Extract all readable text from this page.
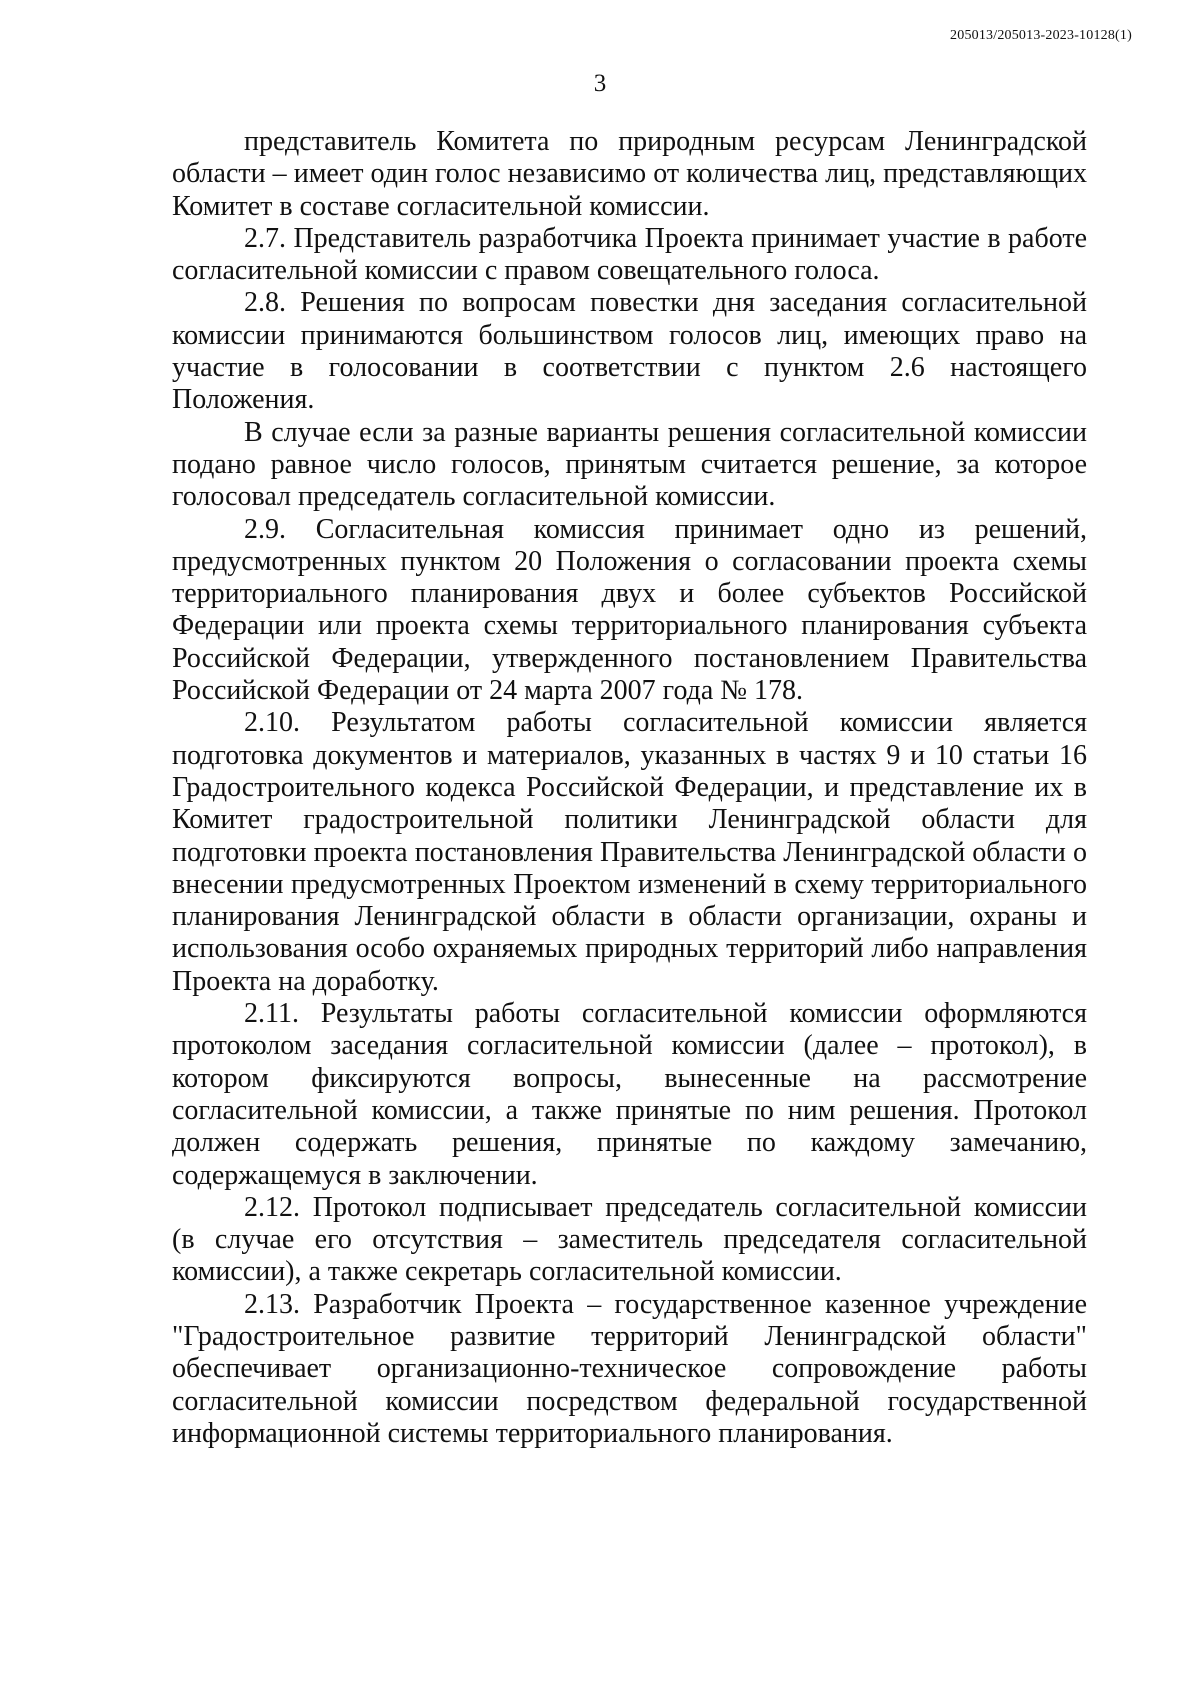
205013/205013-2023-10128(1)
3

представитель Комитета по природным ресурсам Ленинградской области – имеет один голос независимо от количества лиц, представляющих Комитет в составе согласительной комиссии.

2.7. Представитель разработчика Проекта принимает участие в работе согласительной комиссии с правом совещательного голоса.

2.8. Решения по вопросам повестки дня заседания согласительной комиссии принимаются большинством голосов лиц, имеющих право на участие в голосовании в соответствии с пунктом 2.6 настоящего Положения.

В случае если за разные варианты решения согласительной комиссии подано равное число голосов, принятым считается решение, за которое голосовал председатель согласительной комиссии.

2.9. Согласительная комиссия принимает одно из решений, предусмотренных пунктом 20 Положения о согласовании проекта схемы территориального планирования двух и более субъектов Российской Федерации или проекта схемы территориального планирования субъекта Российской Федерации, утвержденного постановлением Правительства Российской Федерации от 24 марта 2007 года № 178.

2.10. Результатом работы согласительной комиссии является подготовка документов и материалов, указанных в частях 9 и 10 статьи 16 Градостроительного кодекса Российской Федерации, и представление их в Комитет градостроительной политики Ленинградской области для подготовки проекта постановления Правительства Ленинградской области о внесении предусмотренных Проектом изменений в схему территориального планирования Ленинградской области в области организации, охраны и использования особо охраняемых природных территорий либо направления Проекта на доработку.

2.11. Результаты работы согласительной комиссии оформляются протоколом заседания согласительной комиссии (далее – протокол), в котором фиксируются вопросы, вынесенные на рассмотрение согласительной комиссии, а также принятые по ним решения. Протокол должен содержать решения, принятые по каждому замечанию, содержащемуся в заключении.

2.12. Протокол подписывает председатель согласительной комиссии (в случае его отсутствия – заместитель председателя согласительной комиссии), а также секретарь согласительной комиссии.

2.13. Разработчик Проекта – государственное казенное учреждение "Градостроительное развитие территорий Ленинградской области" обеспечивает организационно-техническое сопровождение работы согласительной комиссии посредством федеральной государственной информационной системы территориального планирования.
